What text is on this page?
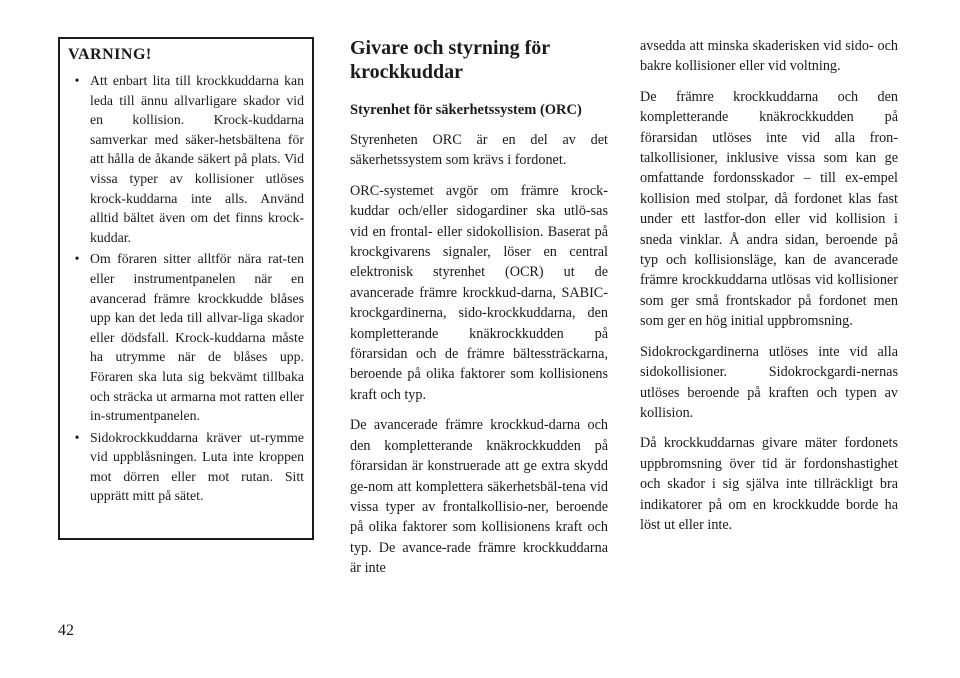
VARNING!
• Att enbart lita till krockkuddarna kan leda till ännu allvarligare skador vid en kollision. Krock-kuddarna samverkar med säker-hetsbältena för att hålla de åkande säkert på plats. Vid vissa typer av kollisioner utlöses krock-kuddarna inte alls. Använd alltid bältet även om det finns krock-kuddar.
• Om föraren sitter alltför nära rat-ten eller instrumentpanelen när en avancerad främre krockkudde blåses upp kan det leda till allvar-liga skador eller dödsfall. Krock-kuddarna måste ha utrymme när de blåses upp. Föraren ska luta sig bekvämt tillbaka och sträcka ut armarna mot ratten eller in-strumentpanelen.
• Sidokrockkuddarna kräver ut-rymme vid uppblåsningen. Luta inte kroppen mot dörren eller mot rutan. Sitt upprätt mitt på sätet.
Givare och styrning för krockkuddar
Styrenhet för säkerhetssystem (ORC)

Styrenheten ORC är en del av det säkerhetssystem som krävs i fordonet.

ORC-systemet avgör om främre krock-kuddar och/eller sidogardiner ska utlö-sas vid en frontal- eller sidokollision. Baserat på krockgivarens signaler, löser en central elektronisk styrenhet (OCR) ut de avancerade främre krockkud-darna, SABIC-krockgardinerna, sido-krockkuddarna, den kompletterande knäkrockkudden på förarsidan och de främre bältessträckarna, beroende på olika faktorer som kollisionens kraft och typ.

De avancerade främre krockkud-darna och den kompletterande knäkrockkudden på förarsidan är konstruerade att ge extra skydd ge-nom att komplettera säkerhetsbäl-tena vid vissa typer av frontalkollisio-ner, beroende på olika faktorer som kollisionens kraft och typ. De avance-rade främre krockkuddarna är inte

avsedda att minska skaderisken vid sido- och bakre kollisioner eller vid voltning.

De främre krockkuddarna och den kompletterande knäkrockkudden på förarsidan utlöses inte vid alla fron-talkollisioner, inklusive vissa som kan ge omfattande fordonsskador – till ex-empel kollision med stolpar, då fordonet klas fast under ett lastfor-don eller vid kollision i sneda vinklar. Å andra sidan, beroende på typ och kollisionsläge, kan de avancerade främre krockkuddarna utlösas vid kollisioner som ger små frontskador på fordonet men som ger en hög initial uppbromsning.

Sidokrockgardinerna utlöses inte vid alla sidokollisioner. Sidokrockgardi-nernas utlöses beroende på kraften och typen av kollision.

Då krockkuddarnas givare mäter fordonets uppbromsning över tid är fordonshastighet och skador i sig själva inte tillräckligt bra indikatorer på om en krockkudde borde ha löst ut eller inte.

42
